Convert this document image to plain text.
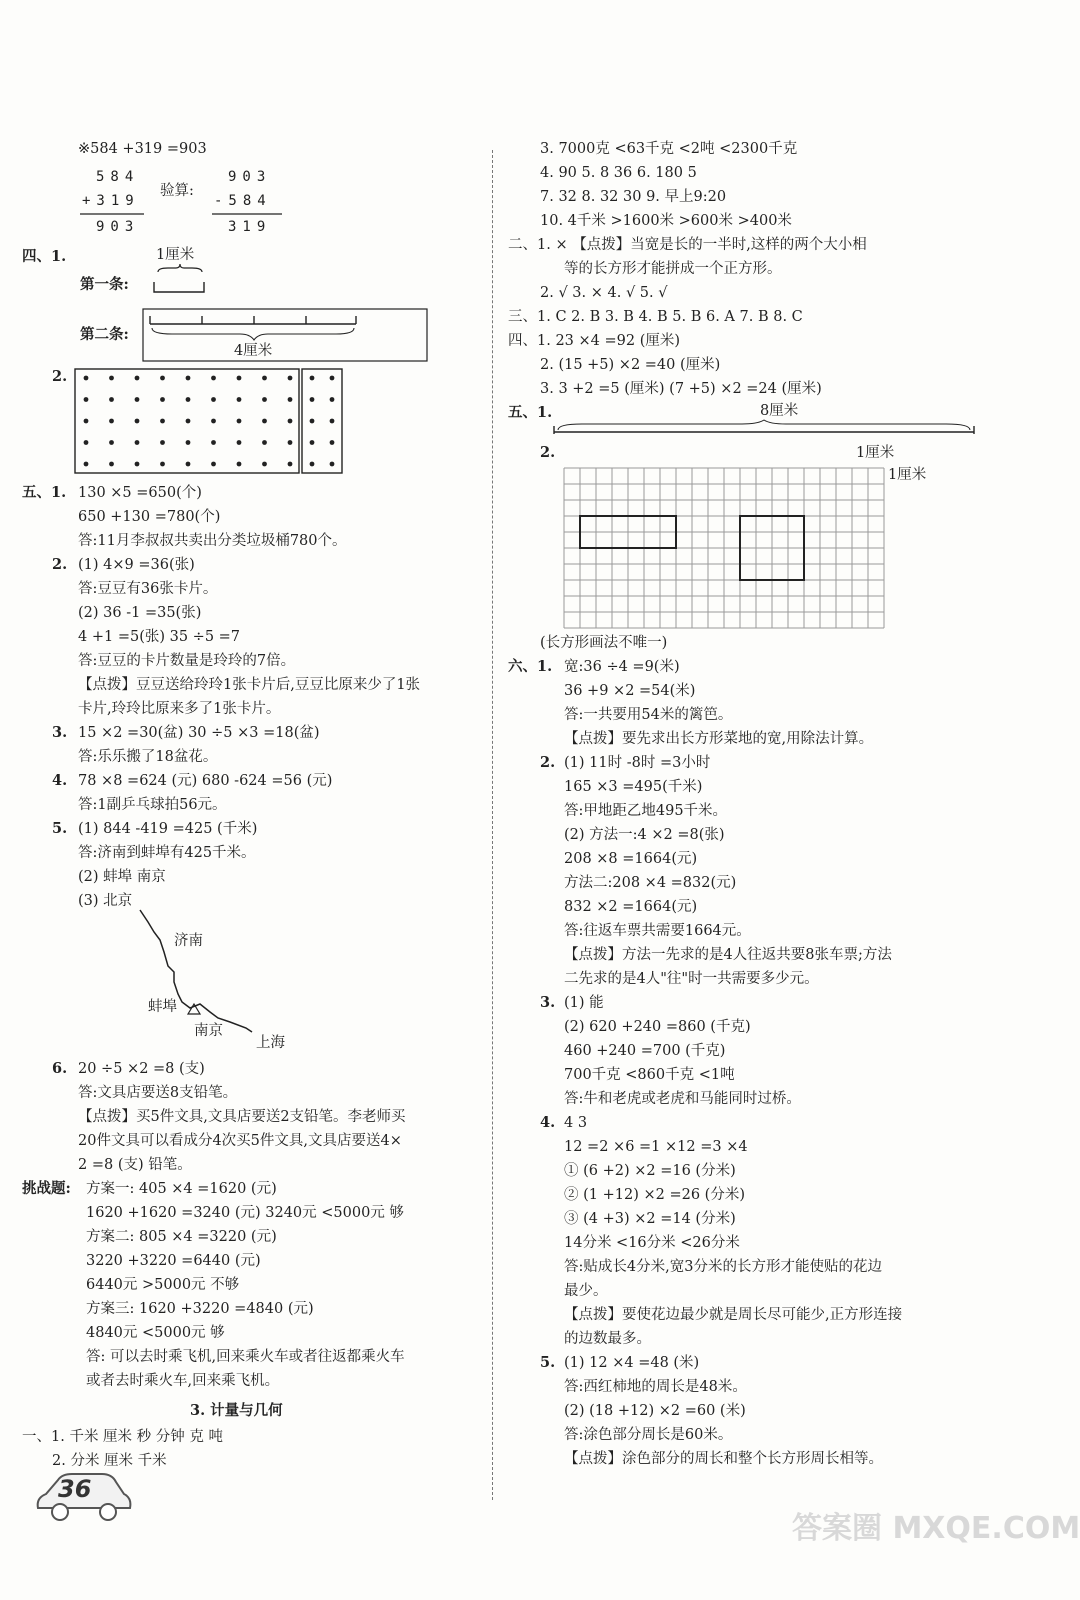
※584 +319 =903
584
+319
903
验算:
903
-584
319
四、1.	1厘米
第一条:
第二条:
4厘米
2.
五、1. 130 ×5 =650(个)
650 +130 =780(个)
答:11月李叔叔共卖出分类垃圾桶780个。
2. (1) 4×9 =36(张)
答:豆豆有36张卡片。
(2) 36 -1 =35(张)
4 +1 =5(张) 35 ÷5 =7
答:豆豆的卡片数量是玲玲的7倍。
【点拨】豆豆送给玲玲1张卡片后,豆豆比原来少了1张
卡片,玲玲比原来多了1张卡片。
3. 15 ×2 =30(盆) 30 ÷5 ×3 =18(盆)
答:乐乐搬了18盆花。
4. 78 ×8 =624 (元) 680 -624 =56 (元)
答:1副乒乓球拍56元。
5. (1) 844 -419 =425 (千米)
答:济南到蚌埠有425千米。
(2) 蚌埠 南京
(3) 北京
济南
蚌埠
南京
上海
6. 20 ÷5 ×2 =8 (支)
答:文具店要送8支铅笔。
【点拨】买5件文具,文具店要送2支铅笔。李老师买
20件文具可以看成分4次买5件文具,文具店要送4×
2 =8 (支) 铅笔。
挑战题: 方案一: 405 ×4 =1620 (元)
1620 +1620 =3240 (元) 3240元 <5000元 够
方案二: 805 ×4 =3220 (元)
3220 +3220 =6440 (元)
6440元 >5000元 不够
方案三: 1620 +3220 =4840 (元)
4840元 <5000元 够
答: 可以去时乘飞机,回来乘火车或者往返都乘火车
或者去时乘火车,回来乘飞机。
3. 计量与几何
一、1. 千米 厘米 秒 分钟 克 吨
2. 分米 厘米 千米
36
3. 7000克 <63千克 <2吨 <2300千克
4. 90 5. 8 36 6. 180 5
7. 32 8. 32 30 9. 早上9:20
10. 4千米 >1600米 >600米 >400米
二、1. × 【点拨】当宽是长的一半时,这样的两个大小相
等的长方形才能拼成一个正方形。
2. √ 3. × 4. √ 5. √
三、1. C 2. B 3. B 4. B 5. B 6. A 7. B 8. C
四、1. 23 ×4 =92 (厘米)
2. (15 +5) ×2 =40 (厘米)
3. 3 +2 =5 (厘米) (7 +5) ×2 =24 (厘米)
五、1.	8厘米
2.	1厘米
1厘米
(长方形画法不唯一)
六、1. 宽:36 ÷4 =9(米)
36 +9 ×2 =54(米)
答:一共要用54米的篱笆。
【点拨】要先求出长方形菜地的宽,用除法计算。
2. (1) 11时 -8时 =3小时
165 ×3 =495(千米)
答:甲地距乙地495千米。
(2) 方法一:4 ×2 =8(张)
208 ×8 =1664(元)
方法二:208 ×4 =832(元)
832 ×2 =1664(元)
答:往返车票共需要1664元。
【点拨】方法一先求的是4人往返共要8张车票;方法
二先求的是4人"往"时一共需要多少元。
3. (1) 能
(2) 620 +240 =860 (千克)
460 +240 =700 (千克)
700千克 <860千克 <1吨
答:牛和老虎或老虎和马能同时过桥。
4. 4 3
12 =2 ×6 =1 ×12 =3 ×4
① (6 +2) ×2 =16 (分米)
② (1 +12) ×2 =26 (分米)
③ (4 +3) ×2 =14 (分米)
14分米 <16分米 <26分米
答:贴成长4分米,宽3分米的长方形才能使贴的花边
最少。
【点拨】要使花边最少就是周长尽可能少,正方形连接
的边数最多。
5. (1) 12 ×4 =48 (米)
答:西红柿地的周长是48米。
(2) (18 +12) ×2 =60 (米)
答:涂色部分周长是60米。
【点拨】涂色部分的周长和整个长方形周长相等。
答案圈 MXQE.COM
